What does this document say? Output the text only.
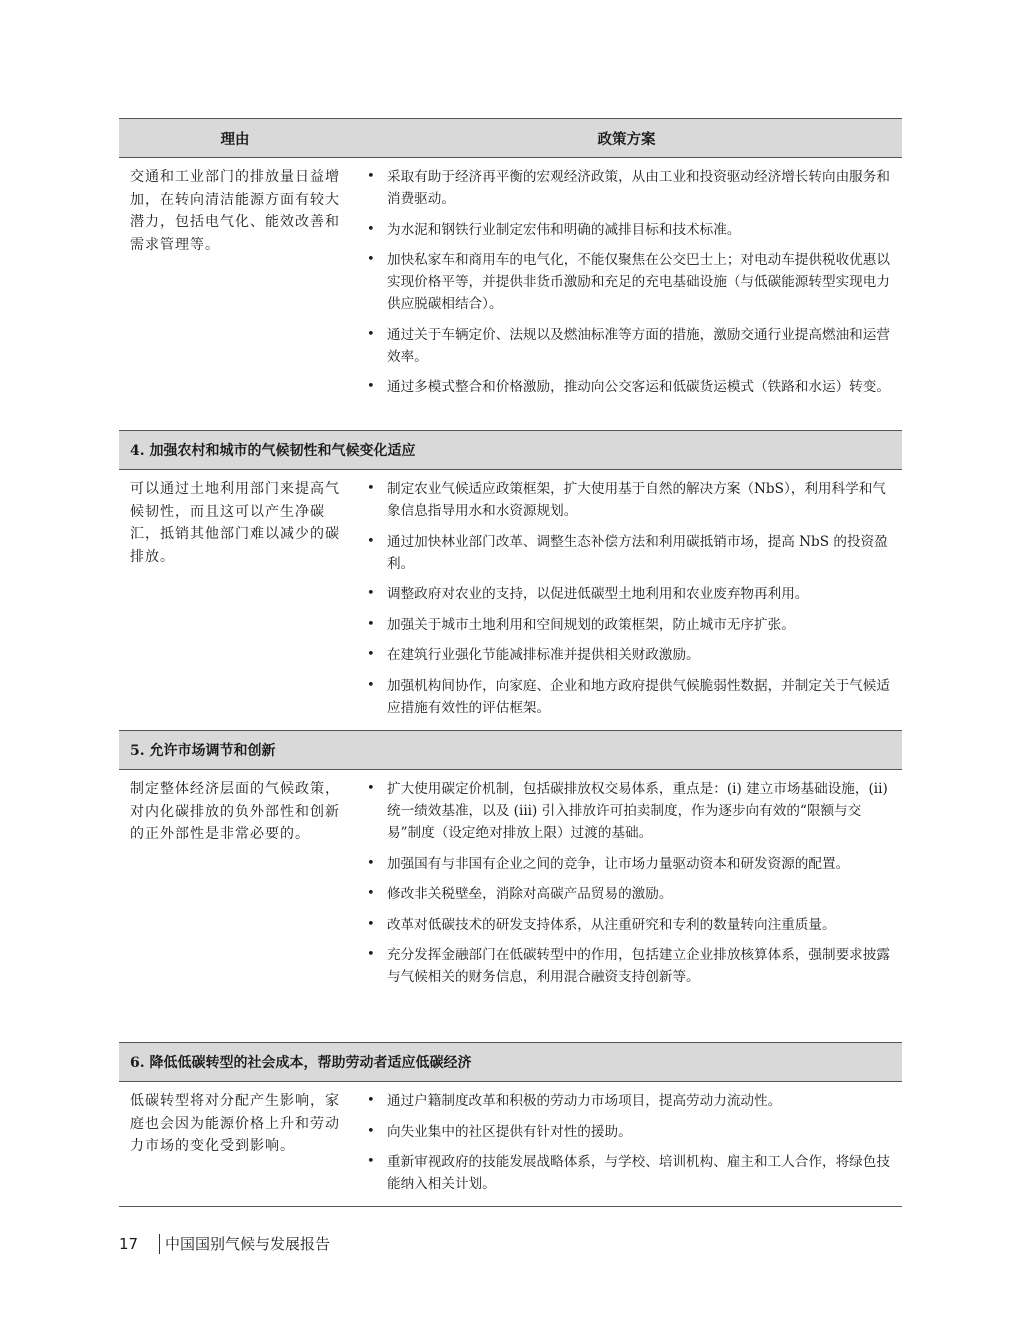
理由	政策方案
交通和工业部门的排放量日益增加，在转向清洁能源方面有较大潜力，包括电气化、能效改善和需求管理等。
• 采取有助于经济再平衡的宏观经济政策，从由工业和投资驱动经济增长转向由服务和消费驱动。
• 为水泥和钢铁行业制定宏伟和明确的减排目标和技术标准。
• 加快私家车和商用车的电气化，不能仅聚焦在公交巴士上；对电动车提供税收优惠以实现价格平等，并提供非货币激励和充足的充电基础设施（与低碳能源转型实现电力供应脱碳相结合）。
• 通过关于车辆定价、法规以及燃油标准等方面的措施，激励交通行业提高燃油和运营效率。
• 通过多模式整合和价格激励，推动向公交客运和低碳货运模式（铁路和水运）转变。
4. 加强农村和城市的气候韧性和气候变化适应
可以通过土地利用部门来提高气候韧性，而且这可以产生净碳汇，抵销其他部门难以减少的碳排放。
• 制定农业气候适应政策框架，扩大使用基于自然的解决方案（NbS），利用科学和气象信息指导用水和水资源规划。
• 通过加快林业部门改革、调整生态补偿方法和利用碳抵销市场，提高 NbS 的投资盈利。
• 调整政府对农业的支持，以促进低碳型土地利用和农业废弃物再利用。
• 加强关于城市土地利用和空间规划的政策框架，防止城市无序扩张。
• 在建筑行业强化节能减排标准并提供相关财政激励。
• 加强机构间协作，向家庭、企业和地方政府提供气候脆弱性数据，并制定关于气候适应措施有效性的评估框架。
5. 允许市场调节和创新
制定整体经济层面的气候政策，对内化碳排放的负外部性和创新的正外部性是非常必要的。
• 扩大使用碳定价机制，包括碳排放权交易体系，重点是：(i) 建立市场基础设施，(ii) 统一绩效基准，以及 (iii) 引入排放许可拍卖制度，作为逐步向有效的“限额与交易”制度（设定绝对排放上限）过渡的基础。
• 加强国有与非国有企业之间的竞争，让市场力量驱动资本和研发资源的配置。
• 修改非关税壁垒，消除对高碳产品贸易的激励。
• 改革对低碳技术的研发支持体系，从注重研究和专利的数量转向注重质量。
• 充分发挥金融部门在低碳转型中的作用，包括建立企业排放核算体系，强制要求披露与气候相关的财务信息，利用混合融资支持创新等。
6. 降低低碳转型的社会成本，帮助劳动者适应低碳经济
低碳转型将对分配产生影响，家庭也会因为能源价格上升和劳动力市场的变化受到影响。
• 通过户籍制度改革和积极的劳动力市场项目，提高劳动力流动性。
• 向失业集中的社区提供有针对性的援助。
• 重新审视政府的技能发展战略体系，与学校、培训机构、雇主和工人合作，将绿色技能纳入相关计划。
17	中国国别气候与发展报告
